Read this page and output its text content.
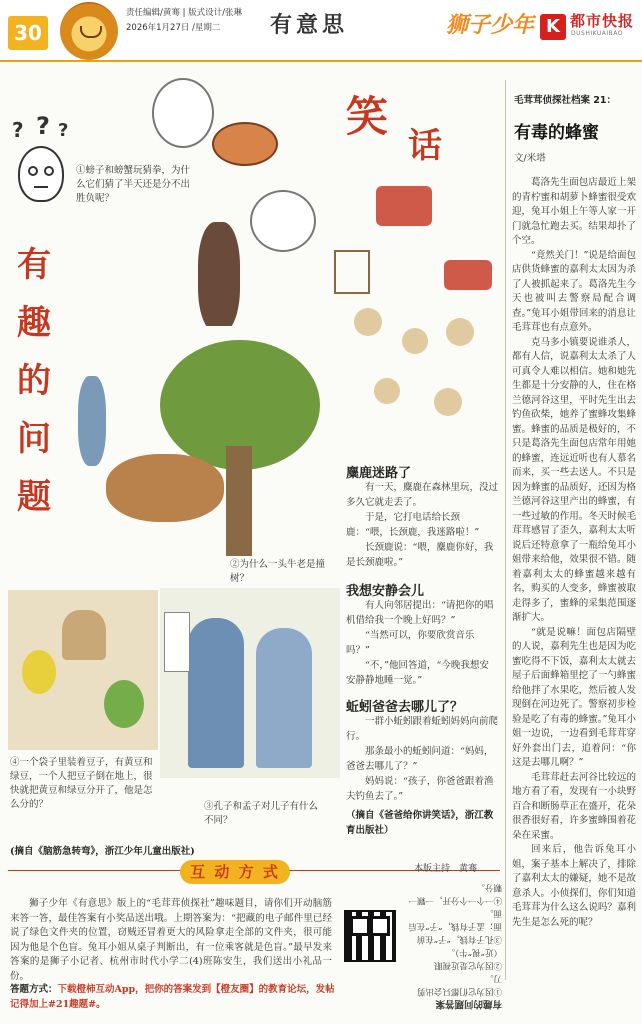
30
责任编辑/黄骞 | 版式设计/张琳
2026年1月27日 /星期二	有意思	狮子少年 K 都市快报
DUSHIKUAIBAO
? ? ?
有
趣
的
问
题
①螃子和螃蟹玩猜拳，为什么它们猜了半天还是分不出胜负呢？
②为什么一头牛老是撞树？
笑
话
麋鹿迷路了

有一天，麋鹿在森林里玩，没过多久它就走丢了。

于是，它打电话给长颈鹿：“喂，长颈鹿，我迷路啦！”

长颈鹿说：“喂，麋鹿你好，我是长颈鹿啦。”

我想安静会儿

有人向邻居提出：“请把你的唱机借给我一个晚上好吗？”

“当然可以，你要欣赏音乐吗？”

“不，”他回答道，“今晚我想安安静静地睡一觉。”

蚯蚓爸爸去哪儿了？

一群小蚯蚓跟着蚯蚓妈妈向前爬行。

那条最小的蚯蚓问道：“妈妈，爸爸去哪儿了？”

妈妈说：“孩子，你爸爸跟着渔夫钓鱼去了。”

（摘自《爸爸给你讲笑话》，浙江教育出版社）
④一个袋子里装着豆子，有黄豆和绿豆，一个人把豆子倒在地上，很快就把黄豆和绿豆分开了，他是怎么分的？	③孔子和孟子对儿子有什么不同？
(摘自《脑筋急转弯》，浙江少年儿童出版社)
毛茸茸侦探社档案 21：
有毒的蜂蜜
文/米塔

葛洛先生面包店最近上架的青柠蜜和胡萝卜蜂蜜很受欢迎，兔耳小姐上午等人家一开门就急忙跑去买。结果却扑了个空。

“竟然关门！”说是给面包店供货蜂蜜的嘉利太太因为杀了人被抓起来了。葛洛先生今天也被叫去警察局配合调查。”兔耳小姐带回来的消息让毛茸茸也有点意外。

克马多小镇要说谁杀人，都有人信，说嘉利太太杀了人可真令人难以相信。她和她先生都是十分安静的人，住在格兰德河谷这里，平时先生出去钓鱼砍柴，她养了蜜蜂攻集蜂蜜。蜂蜜的品质是极好的，不只是葛洛先生面包店常年用她的蜂蜜，连远近听也有人慕名而来，买一些去送人。不只是因为蜂蜜的品质好，还因为格兰德河谷这里产出的蜂蜜，有一些过敏的作用。冬天时候毛茸茸感冒了歪久，嘉利太太听说后还特意拿了一瓶给兔耳小姐带来给他，效果很不错。随着嘉利太太的蜂蜜越来越有名，购买的人变多，蜂蜜被取走得多了，蜜蜂的采集范围逐渐扩大。

“就是说嘛！面包店隔壁的人说，嘉利先生也是因为吃蜜吃得不下饭，嘉利太太就去屋子后面蜂箱里挖了一勺蜂蜜给他拌了水果吃，然后被人发现倒在河边死了。警察初步检验是吃了有毒的蜂蜜。”兔耳小姐一边说，一边看到毛茸茸穿好外套出门去，追着问：“你这是去哪儿啊？”

毛茸茸赶去河谷比较远的地方看了看，发现有一小块野百合和断肠草正在盛开，花朵很香很好看，许多蜜蜂围着花朵在采蜜。

回来后，他告诉兔耳小姐，案子基本上解决了，排除了嘉利太太的嫌疑，她不是故意杀人。小侦探们，你们知道毛茸茸为什么这么说吗？嘉利先生是怎么死的呢？

互 动 方 式	本版主持　黄骞

狮子少年《有意思》版上的“毛茸茸侦探社”趣味题目，请你们开动脑筋来答一答，最佳答案有小奖品送出哦。上期答案为：“把藏的电子邮件里已经说了绿色文件夹的位置，窃贼还冒着更大的风险拿走全部的文件夹，很可能因为他是个色盲。兔耳小姐从桌子判断出，有一位乘客就是色盲。”最早发来答案的是狮子小记者、杭州市时代小学二(4)班陈安生，我们送出小礼品一份。

答题方式：下载橙柿互动App，把你的答案发到【橙友圈】的教育论坛，发帖记得加上#21趣题#。	有趣的问题答案
①因为它们都只会出剪刀。
②因为它是近视眼（近“视”牛）。
③孔子有钱，“子”在前面；孟子有钱，“子”在后面。
④一个一个分开，一颗一颗分。
